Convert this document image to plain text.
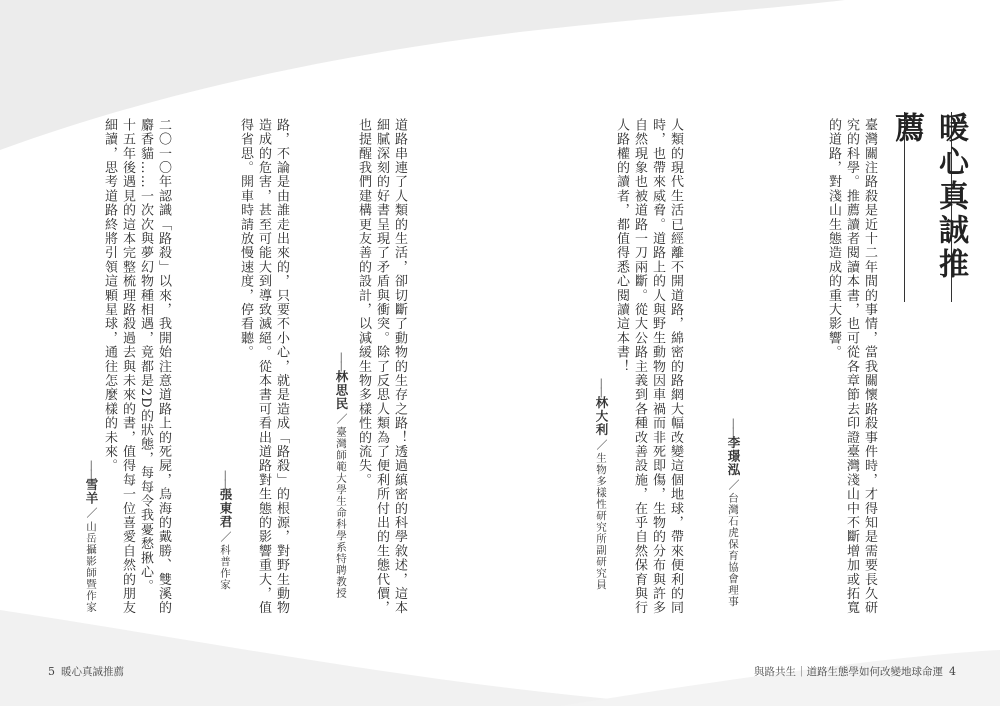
暖心真誠推薦
臺灣關注路殺是近十二年間的事情，當我關懷路殺事件時，才得知是需要長久研
究的科學。推薦讀者閱讀本書，也可從各章節去印證臺灣淺山中不斷增加或拓寬
的道路，對淺山生態造成的重大影響。
——李璟泓／台灣石虎保育協會理事
人類的現代生活已經離不開道路，綿密的路網大幅改變這個地球，帶來便利的同
時，也帶來威脅。道路上的人與野生動物因車禍而非死即傷，生物的分布與許多
自然現象也被道路一刀兩斷。從大公路主義到各種改善設施，在乎自然保育與行
人路權的讀者，都值得悉心閱讀這本書！
——林大利／生物多樣性研究所副研究員
道路串連了人類的生活，卻切斷了動物的生存之路！透過縝密的科學敘述，這本
細膩深刻的好書呈現了矛盾與衝突。除了反思人類為了便利所付出的生態代價，
也提醒我們建構更友善的設計，以減緩生物多樣性的流失。
——林思民／臺灣師範大學生命科學系特聘教授
路，不論是由誰走出來的，只要不小心，就是造成「路殺」的根源，對野生動物
造成的危害，甚至可能大到導致滅絕。從本書可看出道路對生態的影響重大，值
得省思。開車時請放慢速度，停看聽。
——張東君／科普作家
二〇一〇年認識「路殺」以來，我開始注意道路上的死屍，烏海的戴勝、雙溪的
麝香貓……一次次與夢幻物種相遇，竟都是2D的狀態，每每令我憂愁揪心。
十五年後遇見的這本完整梳理路殺過去與未來的書，值得每一位喜愛自然的朋友
細讀，思考道路終將引領這顆星球，通往怎麼樣的未來。
——雪羊／山岳攝影師暨作家
5 暖心真誠推薦	與路共生｜道路生態學如何改變地球命運 4
